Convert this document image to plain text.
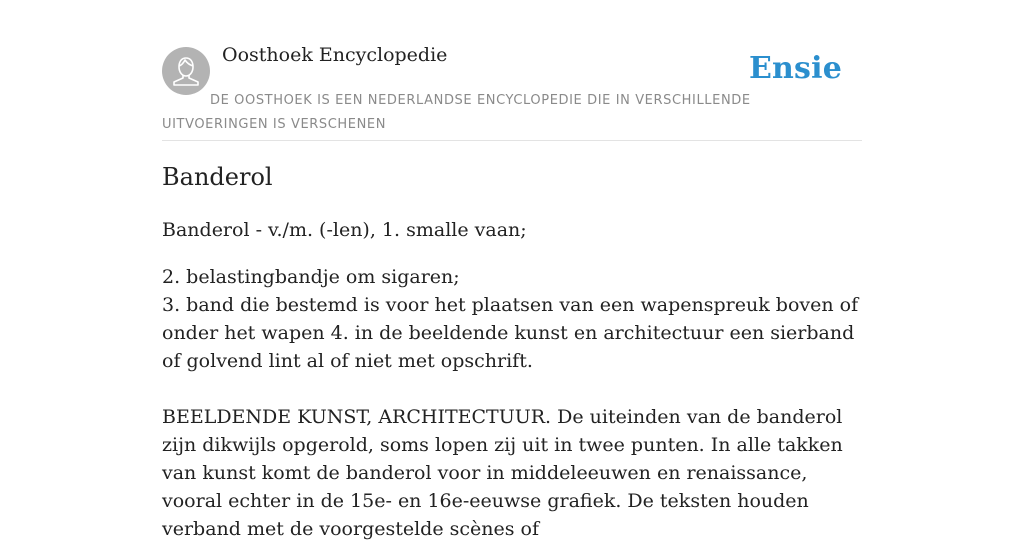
Oosthoek Encyclopedie	Ensie
DE OOSTHOEK IS EEN NEDERLANDSE ENCYCLOPEDIE DIE IN VERSCHILLENDE UITVOERINGEN IS VERSCHENEN
Banderol

Banderol - v./m. (-len), 1. smalle vaan;

2. belastingbandje om sigaren;
3. band die bestemd is voor het plaatsen van een wapenspreuk boven of onder het wapen 4. in de beeldende kunst en architectuur een sierband of golvend lint al of niet met opschrift.

BEELDENDE KUNST, ARCHITECTUUR. De uiteinden van de banderol zijn dikwijls opgerold, soms lopen zij uit in twee punten. In alle takken van kunst komt de banderol voor in middeleeuwen en renaissance, vooral echter in de 15e- en 16e-eeuwse grafiek. De teksten houden verband met de voorgestelde scènes of
